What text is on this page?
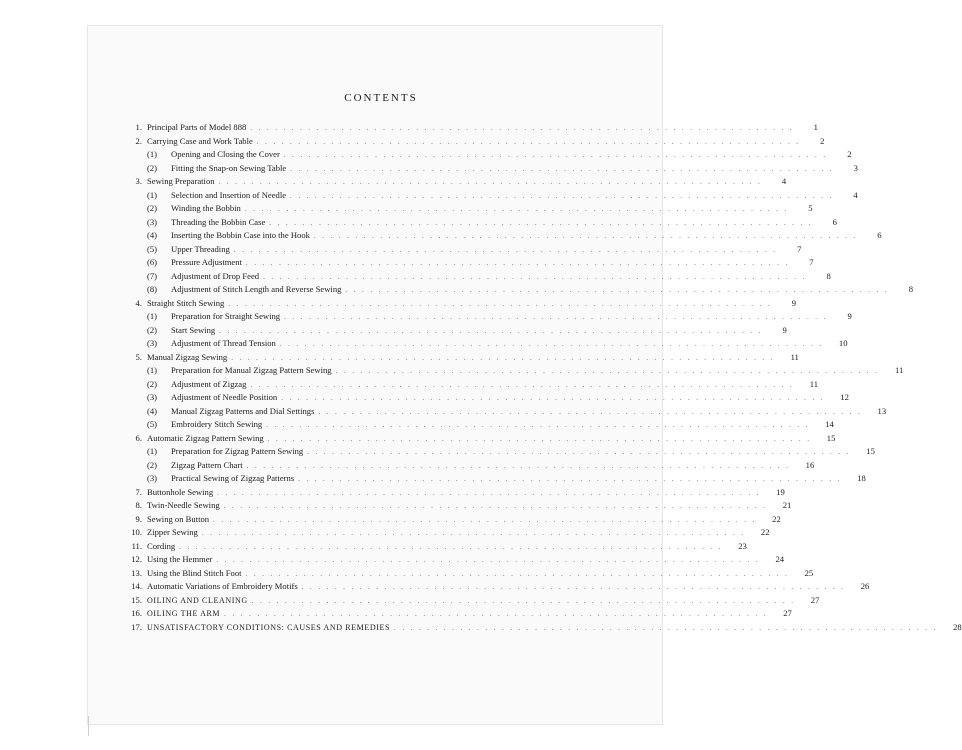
CONTENTS
1. Principal Parts of Model 888 . . . . . . . . . . . . . . . . . . . . . . . . . . . . . . . . . . . . . . . . . . . . . . . . . . . . . . . . . . . . . . . . . .	1
2. Carrying Case and Work Table . . . . . . . . . . . . . . . . . . . . . . . . . . . . . . . . . . . . . . . . . . . . . . . . . . . . . . . . . . . . . . . . . .	2
(1)	Opening and Closing the Cover . . . . . . . . . . . . . . . . . . . . . . . . . . . . . . . . . . . . . . . . . . . . . . . . . . . . . . . . . . . . . . . . . .	2
(2)	Fitting the Snap-on Sewing Table . . . . . . . . . . . . . . . . . . . . . . . . . . . . . . . . . . . . . . . . . . . . . . . . . . . . . . . . . . . . . . . . . .	3
3. Sewing Preparation . . . . . . . . . . . . . . . . . . . . . . . . . . . . . . . . . . . . . . . . . . . . . . . . . . . . . . . . . . . . . . . . . .	4
(1)	Selection and Insertion of Needle . . . . . . . . . . . . . . . . . . . . . . . . . . . . . . . . . . . . . . . . . . . . . . . . . . . . . . . . . . . . . . . . . .	4
(2)	Winding the Bobbin . . . . . . . . . . . . . . . . . . . . . . . . . . . . . . . . . . . . . . . . . . . . . . . . . . . . . . . . . . . . . . . . . .	5
(3)	Threading the Bobbin Case . . . . . . . . . . . . . . . . . . . . . . . . . . . . . . . . . . . . . . . . . . . . . . . . . . . . . . . . . . . . . . . . . .	6
(4)	Inserting the Bobbin Case into the Hook . . . . . . . . . . . . . . . . . . . . . . . . . . . . . . . . . . . . . . . . . . . . . . . . . . . . . . . . . . . . . . . . . .	6
(5)	Upper Threading . . . . . . . . . . . . . . . . . . . . . . . . . . . . . . . . . . . . . . . . . . . . . . . . . . . . . . . . . . . . . . . . . .	7
(6)	Pressure Adjustment . . . . . . . . . . . . . . . . . . . . . . . . . . . . . . . . . . . . . . . . . . . . . . . . . . . . . . . . . . . . . . . . . .	7
(7)	Adjustment of Drop Feed . . . . . . . . . . . . . . . . . . . . . . . . . . . . . . . . . . . . . . . . . . . . . . . . . . . . . . . . . . . . . . . . . .	8
(8)	Adjustment of Stitch Length and Reverse Sewing . . . . . . . . . . . . . . . . . . . . . . . . . . . . . . . . . . . . . . . . . . . . . . . . . . . . . . . . . . . . . . . . . .	8
4. Straight Stitch Sewing . . . . . . . . . . . . . . . . . . . . . . . . . . . . . . . . . . . . . . . . . . . . . . . . . . . . . . . . . . . . . . . . . .	9
(1)	Preparation for Straight Sewing . . . . . . . . . . . . . . . . . . . . . . . . . . . . . . . . . . . . . . . . . . . . . . . . . . . . . . . . . . . . . . . . . .	9
(2)	Start Sewing . . . . . . . . . . . . . . . . . . . . . . . . . . . . . . . . . . . . . . . . . . . . . . . . . . . . . . . . . . . . . . . . . .	9
(3)	Adjustment of Thread Tension . . . . . . . . . . . . . . . . . . . . . . . . . . . . . . . . . . . . . . . . . . . . . . . . . . . . . . . . . . . . . . . . . .	10
5. Manual Zigzag Sewing . . . . . . . . . . . . . . . . . . . . . . . . . . . . . . . . . . . . . . . . . . . . . . . . . . . . . . . . . . . . . . . . . .	11
(1)	Preparation for Manual Zigzag Pattern Sewing . . . . . . . . . . . . . . . . . . . . . . . . . . . . . . . . . . . . . . . . . . . . . . . . . . . . . . . . . . . . . . . . . .	11
(2)	Adjustment of Zigzag . . . . . . . . . . . . . . . . . . . . . . . . . . . . . . . . . . . . . . . . . . . . . . . . . . . . . . . . . . . . . . . . . .	11
(3)	Adjustment of Needle Position . . . . . . . . . . . . . . . . . . . . . . . . . . . . . . . . . . . . . . . . . . . . . . . . . . . . . . . . . . . . . . . . . .	12
(4)	Manual Zigzag Patterns and Dial Settings . . . . . . . . . . . . . . . . . . . . . . . . . . . . . . . . . . . . . . . . . . . . . . . . . . . . . . . . . . . . . . . . . .	13
(5)	Embroidery Stitch Sewing . . . . . . . . . . . . . . . . . . . . . . . . . . . . . . . . . . . . . . . . . . . . . . . . . . . . . . . . . . . . . . . . . .	14
6. Automatic Zigzag Pattern Sewing . . . . . . . . . . . . . . . . . . . . . . . . . . . . . . . . . . . . . . . . . . . . . . . . . . . . . . . . . . . . . . . . . .	15
(1)	Preparation for Zigzag Pattern Sewing . . . . . . . . . . . . . . . . . . . . . . . . . . . . . . . . . . . . . . . . . . . . . . . . . . . . . . . . . . . . . . . . . .	15
(2)	Zigzag Pattern Chart . . . . . . . . . . . . . . . . . . . . . . . . . . . . . . . . . . . . . . . . . . . . . . . . . . . . . . . . . . . . . . . . . .	16
(3)	Practical Sewing of Zigzag Patterns . . . . . . . . . . . . . . . . . . . . . . . . . . . . . . . . . . . . . . . . . . . . . . . . . . . . . . . . . . . . . . . . . .	18
7. Buttonhole Sewing . . . . . . . . . . . . . . . . . . . . . . . . . . . . . . . . . . . . . . . . . . . . . . . . . . . . . . . . . . . . . . . . . .	19
8. Twin-Needle Sewing . . . . . . . . . . . . . . . . . . . . . . . . . . . . . . . . . . . . . . . . . . . . . . . . . . . . . . . . . . . . . . . . . .	21
9. Sewing on Button . . . . . . . . . . . . . . . . . . . . . . . . . . . . . . . . . . . . . . . . . . . . . . . . . . . . . . . . . . . . . . . . . .	22
10. Zipper Sewing . . . . . . . . . . . . . . . . . . . . . . . . . . . . . . . . . . . . . . . . . . . . . . . . . . . . . . . . . . . . . . . . . .	22
11. Cording . . . . . . . . . . . . . . . . . . . . . . . . . . . . . . . . . . . . . . . . . . . . . . . . . . . . . . . . . . . . . . . . . .	23
12. Using the Hemmer . . . . . . . . . . . . . . . . . . . . . . . . . . . . . . . . . . . . . . . . . . . . . . . . . . . . . . . . . . . . . . . . . .	24
13. Using the Blind Stitch Foot . . . . . . . . . . . . . . . . . . . . . . . . . . . . . . . . . . . . . . . . . . . . . . . . . . . . . . . . . . . . . . . . . .	25
14. Automatic Variations of Embroidery Motifs . . . . . . . . . . . . . . . . . . . . . . . . . . . . . . . . . . . . . . . . . . . . . . . . . . . . . . . . . . . . . . . . . .	26
15. OILING AND CLEANING . . . . . . . . . . . . . . . . . . . . . . . . . . . . . . . . . . . . . . . . . . . . . . . . . . . . . . . . . . . . . . . . . .	27
16. OILING THE ARM . . . . . . . . . . . . . . . . . . . . . . . . . . . . . . . . . . . . . . . . . . . . . . . . . . . . . . . . . . . . . . . . . .	27
17. UNSATISFACTORY CONDITIONS: CAUSES AND REMEDIES . . . . . . . . . . . . . . . . . . . . . . . . . . . . . . . . . . . . . . . . . . . . . . . . . . . . . . . . . . . . . . . . . .	28
